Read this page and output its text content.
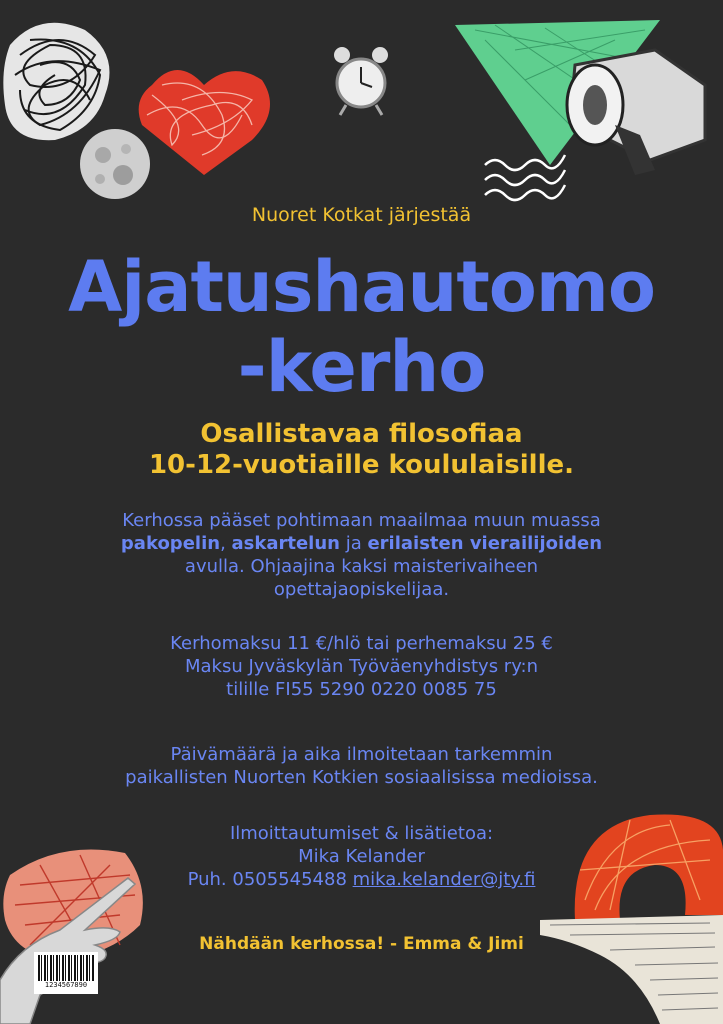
1234567890
Nuoret Kotkat järjestää
Ajatushautomo
-kerho
Osallistavaa filosofiaa
10-12-vuotiaille koululaisille.
Kerhossa pääset pohtimaan maailmaa muun muassa
pakopelin, askartelun ja erilaisten vierailijoiden
avulla. Ohjaajina kaksi maisterivaiheen
opettajaopiskelijaa.
Kerhomaksu 11 €/hlö tai perhemaksu 25 €
Maksu Jyväskylän Työväenyhdistys ry:n
tilille FI55 5290 0220 0085 75
Päivämäärä ja aika ilmoitetaan tarkemmin
paikallisten Nuorten Kotkien sosiaalisissa medioissa.
Ilmoittautumiset & lisätietoa:
Mika Kelander
Puh. 0505545488 mika.kelander@jty.fi
Nähdään kerhossa! - Emma & Jimi
